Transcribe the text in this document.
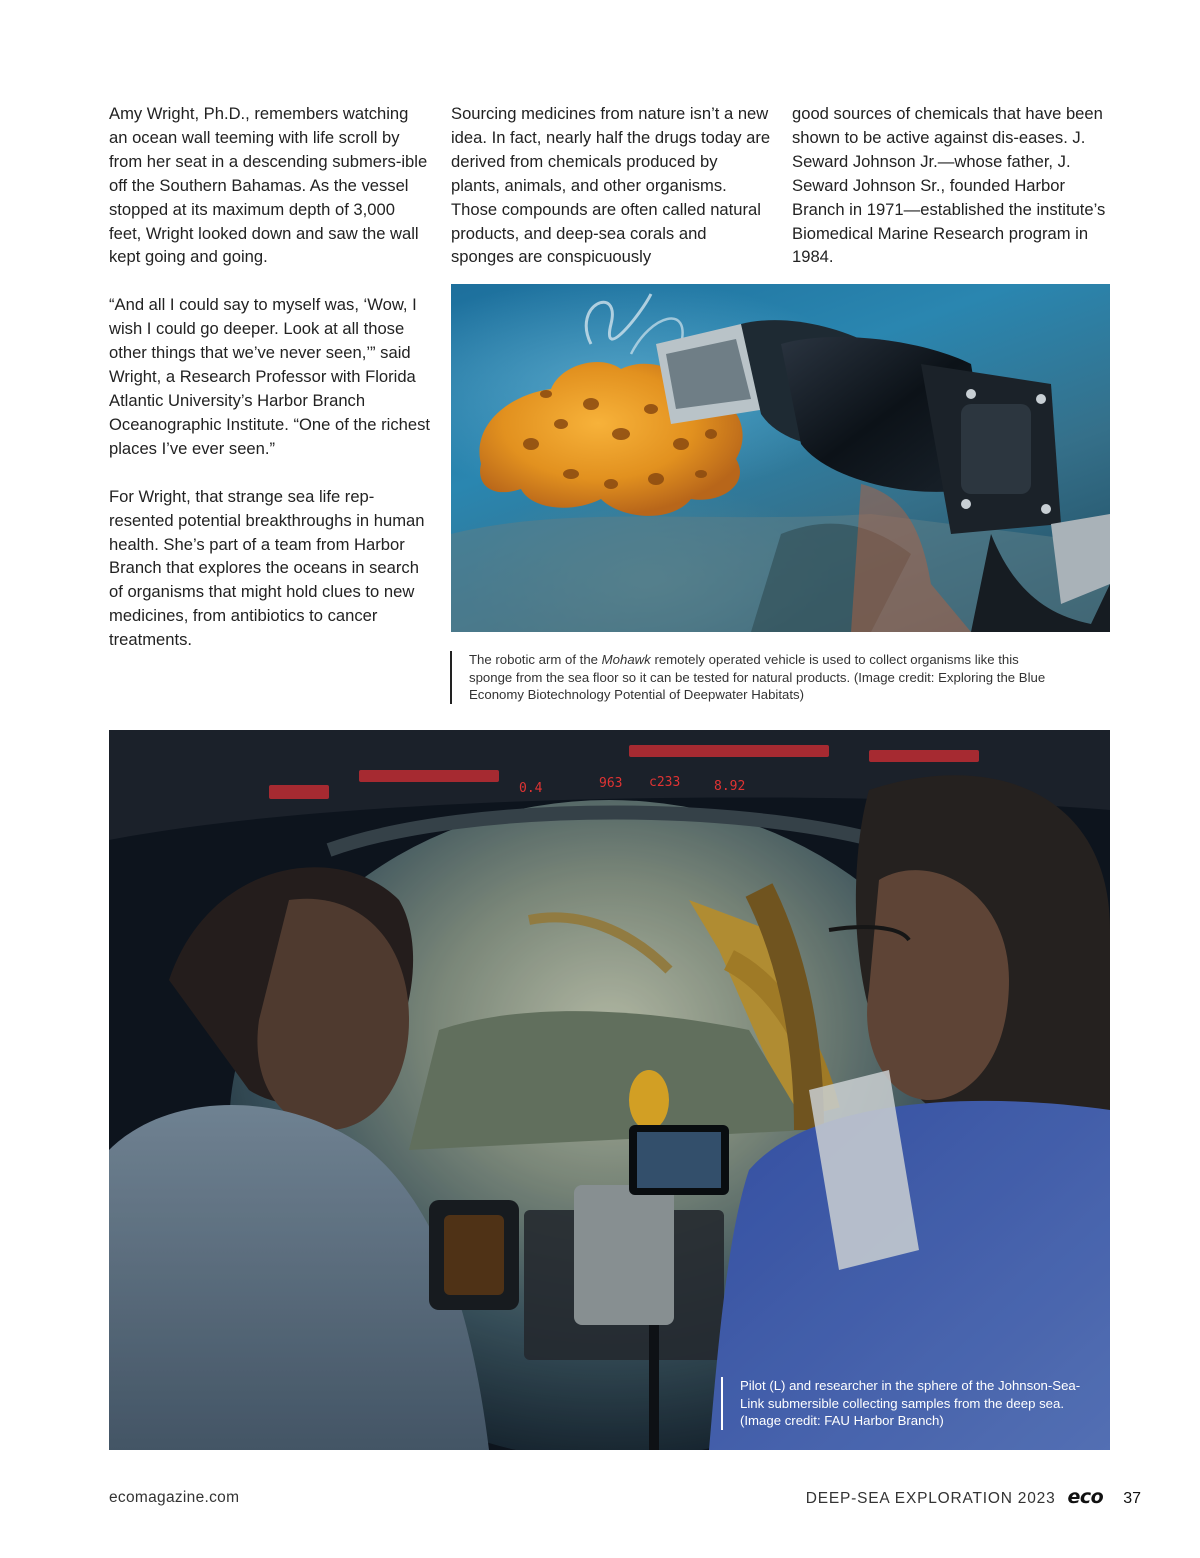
Amy Wright, Ph.D., remembers watching an ocean wall teeming with life scroll by from her seat in a descending submers-ible off the Southern Bahamas. As the vessel stopped at its maximum depth of 3,000 feet, Wright looked down and saw the wall kept going and going.

“And all I could say to myself was, ‘Wow, I wish I could go deeper. Look at all those other things that we’ve never seen,’” said Wright, a Research Professor with Florida Atlantic University’s Harbor Branch Oceanographic Institute. “One of the richest places I’ve ever seen.”

For Wright, that strange sea life rep-resented potential breakthroughs in human health. She’s part of a team from Harbor Branch that explores the oceans in search of organisms that might hold clues to new medicines, from antibiotics to cancer treatments.

Sourcing medicines from nature isn’t a new idea. In fact, nearly half the drugs today are derived from chemicals produced by plants, animals, and other organisms. Those compounds are often called natural products, and deep-sea corals and sponges are conspicuously

good sources of chemicals that have been shown to be active against dis-eases. J. Seward Johnson Jr.—whose father, J. Seward Johnson Sr., founded Harbor Branch in 1971—established the institute’s Biomedical Marine Research program in 1984.

The robotic arm of the Mohawk remotely operated vehicle is used to collect organisms like this sponge from the sea floor so it can be tested for natural products. (Image credit: Exploring the Blue Economy Biotechnology Potential of Deepwater Habitats)
0.4	963 c233	8.92
Pilot (L) and researcher in the sphere of the Johnson-Sea-Link submersible collecting samples from the deep sea. (Image credit: FAU Harbor Branch)
ecomagazine.com	DEEP-SEA EXPLORATION 2023 eco 37
